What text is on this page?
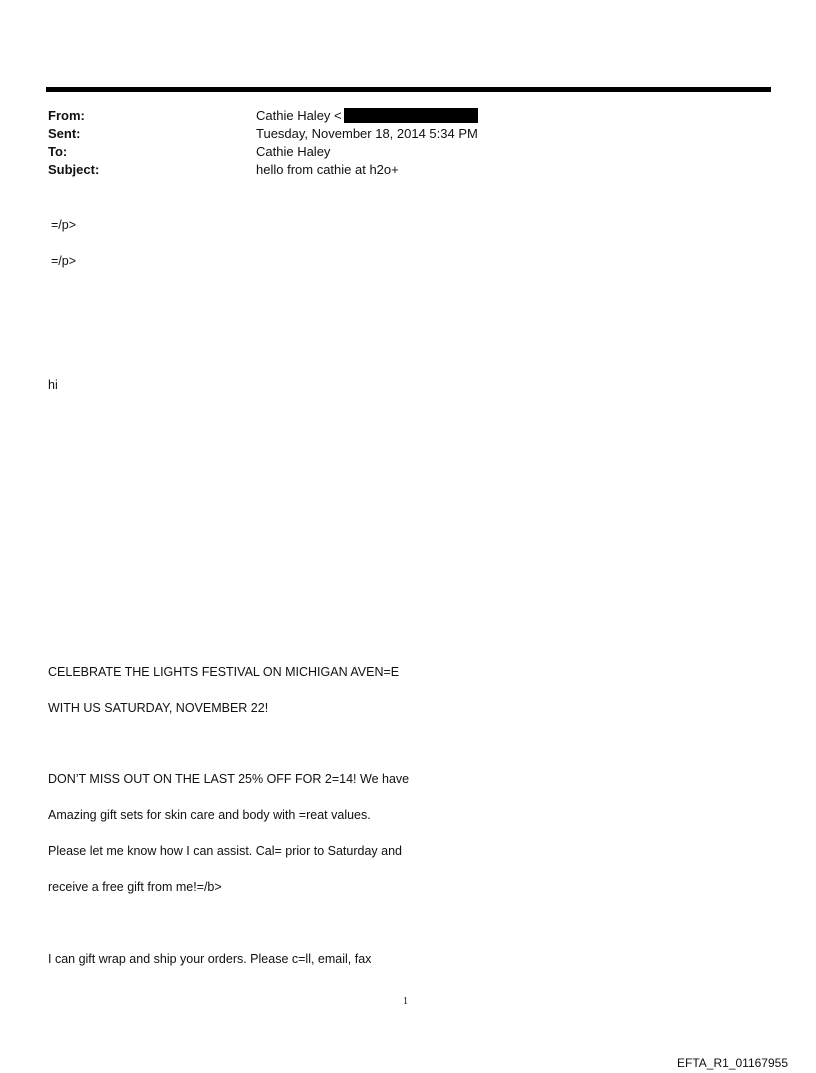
From:	Cathie Haley <
Sent:	Tuesday, November 18, 2014 5:34 PM
To:	Cathie Haley
Subject:	hello from cathie at h2o+
=/p>
=/p>
hi
CELEBRATE THE LIGHTS FESTIVAL ON MICHIGAN AVEN=E
WITH US SATURDAY, NOVEMBER 22!
DON’T MISS OUT ON THE LAST 25% OFF FOR 2=14! We have
Amazing gift sets for skin care and body with =reat values.
Please let me know how I can assist. Cal= prior to Saturday and
receive a free gift from me!=/b>
I can gift wrap and ship your orders. Please c=ll, email, fax
1
EFTA_R1_01167955
